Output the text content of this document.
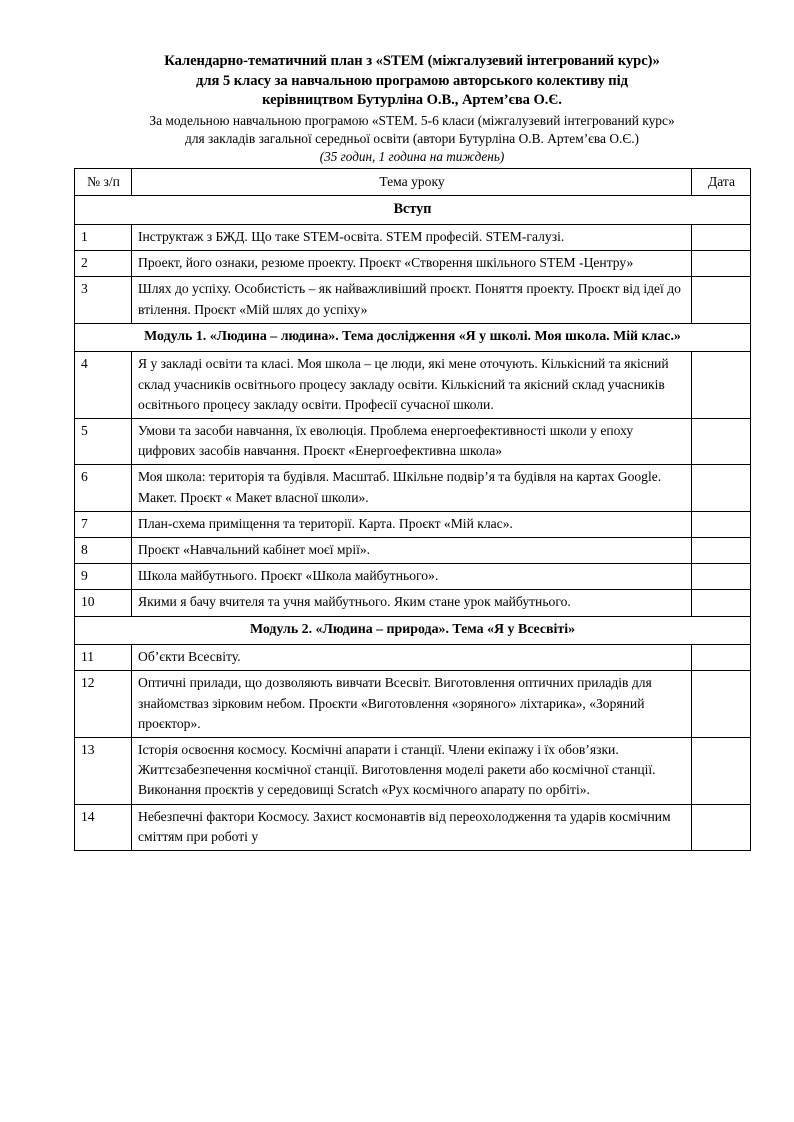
Календарно-тематичний план з «STEM (міжгалузевий інтегрований курс)»
для 5 класу за навчальною програмою авторського колективу під
керівництвом Бутурліна О.В., Артем’єва О.Є.

За модельною навчальною програмою «STEM. 5-6 класи (міжгалузевий інтегрований курс»
для закладів загальної середньої освіти (автори Бутурліна О.В. Артем’єва О.Є.)

(35 годин, 1 година на тиждень)

№ з/п	Тема уроку	Дата
Вступ		
1	Інструктаж з БЖД. Що таке STEM-освіта. STEM професій. STEM-галузі.	
2	Проект, його ознаки, резюме проекту. Проєкт «Створення шкільного STEM -Центру»	
3	Шлях до успіху. Особистість – як найважливіший проєкт. Поняття проекту. Проєкт від ідеї до втілення. Проєкт «Мій шлях до успіху»	
Модуль 1. «Людина – людина». Тема дослідження «Я у школі. Моя школа. Мій клас.»		
4	Я у закладі освіти та класі. Моя школа – це люди, які мене оточують. Кількісний та якісний склад учасників освітнього процесу закладу освіти. Кількісний та якісний склад учасників освітнього процесу закладу освіти. Професії сучасної школи.	
5	Умови та засоби навчання, їх еволюція. Проблема енергоефективності школи у епоху цифрових засобів навчання. Проєкт «Енергоефективна школа»	
6	Моя школа: територія та будівля. Масштаб. Шкільне подвір’я та будівля на картах Google. Макет. Проєкт « Макет власної школи».	
7	План-схема приміщення та території. Карта. Проєкт «Мій клас».	
8	Проєкт «Навчальний кабінет моєї мрії».	
9	Школа майбутнього. Проєкт «Школа майбутнього».	
10	Якими я бачу вчителя та учня майбутнього. Яким стане урок майбутнього.	
Модуль 2. «Людина – природа». Тема «Я у Всесвіті»		
11	Об’єкти Всесвіту.	
12	Оптичні прилади, що дозволяють вивчати Всесвіт. Виготовлення оптичних приладів для знайомстваз зірковим небом. Проєкти «Виготовлення «зоряного» ліхтарика», «Зоряний проєктор».	
13	Історія освоєння космосу. Космічні апарати і станції. Члени екіпажу і їх обов’язки. Життєзабезпечення космічної станції. Виготовлення моделі ракети або космічної станції. Виконання проєктів у середовищі Scratch «Рух космічного апарату по орбіті».	
14	Небезпечні фактори Космосу. Захист космонавтів від переохолодження та ударів космічним сміттям при роботі у	
